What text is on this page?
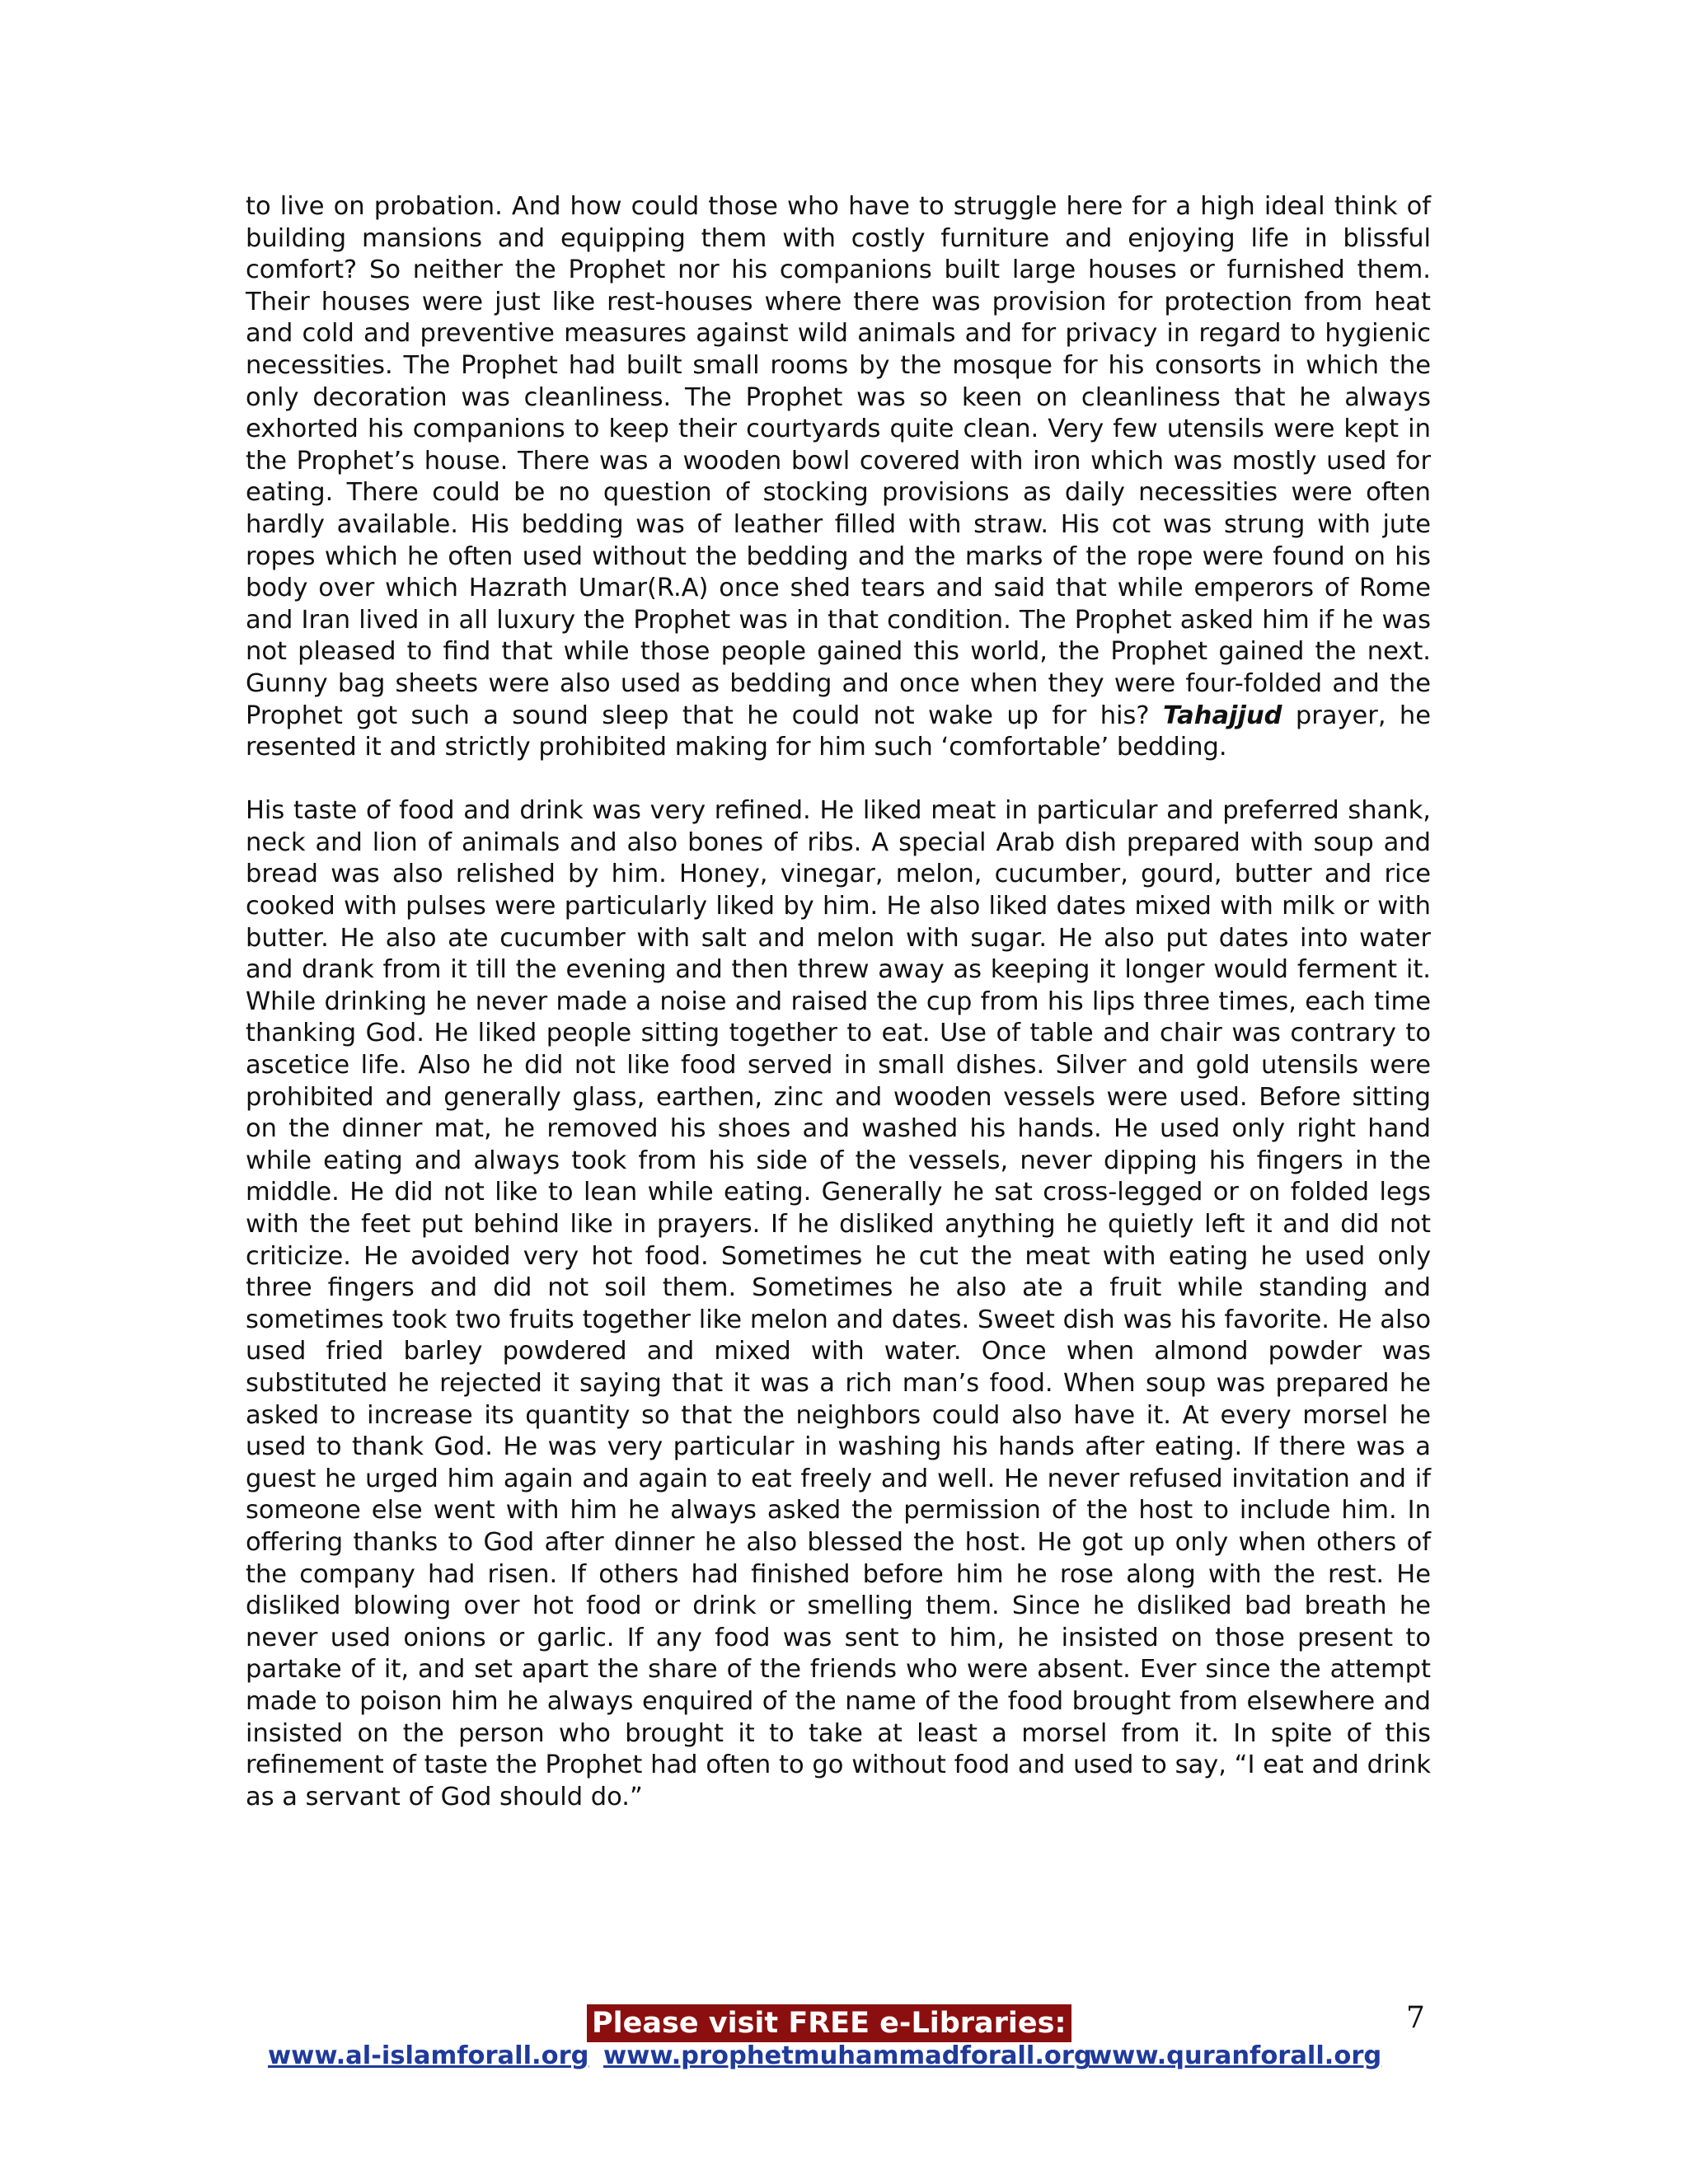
to live on probation. And how could those who have to struggle here for a high ideal think of building mansions and equipping them with costly furniture and enjoying life in blissful comfort? So neither the Prophet nor his companions built large houses or furnished them. Their houses were just like rest-houses where there was provision for protection from heat and cold and preventive measures against wild animals and for privacy in regard to hygienic necessities. The Prophet had built small rooms by the mosque for his consorts in which the only decoration was cleanliness. The Prophet was so keen on cleanliness that he always exhorted his companions to keep their courtyards quite clean. Very few utensils were kept in the Prophet’s house. There was a wooden bowl covered with iron which was mostly used for eating. There could be no question of stocking provisions as daily necessities were often hardly available. His bedding was of leather filled with straw. His cot was strung with jute ropes which he often used without the bedding and the marks of the rope were found on his body over which Hazrath Umar(R.A) once shed tears and said that while emperors of Rome and Iran lived in all luxury the Prophet was in that condition. The Prophet asked him if he was not pleased to find that while those people gained this world, the Prophet gained the next. Gunny bag sheets were also used as bedding and once when they were four-folded and the Prophet got such a sound sleep that he could not wake up for his? Tahajjud prayer, he resented it and strictly prohibited making for him such ‘comfortable’ bedding.

His taste of food and drink was very refined. He liked meat in particular and preferred shank, neck and lion of animals and also bones of ribs. A special Arab dish prepared with soup and bread was also relished by him. Honey, vinegar, melon, cucumber, gourd, butter and rice cooked with pulses were particularly liked by him. He also liked dates mixed with milk or with butter. He also ate cucumber with salt and melon with sugar. He also put dates into water and drank from it till the evening and then threw away as keeping it longer would ferment it. While drinking he never made a noise and raised the cup from his lips three times, each time thanking God. He liked people sitting together to eat. Use of table and chair was contrary to ascetice life. Also he did not like food served in small dishes. Silver and gold utensils were prohibited and generally glass, earthen, zinc and wooden vessels were used. Before sitting on the dinner mat, he removed his shoes and washed his hands. He used only right hand while eating and always took from his side of the vessels, never dipping his fingers in the middle. He did not like to lean while eating. Generally he sat cross-legged or on folded legs with the feet put behind like in prayers. If he disliked anything he quietly left it and did not criticize. He avoided very hot food. Sometimes he cut the meat with eating he used only three fingers and did not soil them. Sometimes he also ate a fruit while standing and sometimes took two fruits together like melon and dates. Sweet dish was his favorite. He also used fried barley powdered and mixed with water. Once when almond powder was substituted he rejected it saying that it was a rich man’s food. When soup was prepared he asked to increase its quantity so that the neighbors could also have it. At every morsel he used to thank God. He was very particular in washing his hands after eating. If there was a guest he urged him again and again to eat freely and well. He never refused invitation and if someone else went with him he always asked the permission of the host to include him. In offering thanks to God after dinner he also blessed the host. He got up only when others of the company had risen. If others had finished before him he rose along with the rest. He disliked blowing over hot food or drink or smelling them. Since he disliked bad breath he never used onions or garlic. If any food was sent to him, he insisted on those present to partake of it, and set apart the share of the friends who were absent. Ever since the attempt made to poison him he always enquired of the name of the food brought from elsewhere and insisted on the person who brought it to take at least a morsel from it. In spite of this refinement of taste the Prophet had often to go without food and used to say, “I eat and drink as a servant of God should do.”

Please visit FREE e-Libraries:	7
www.al-islamforall.org www.prophetmuhammadforall.org
www.quranforall.org
